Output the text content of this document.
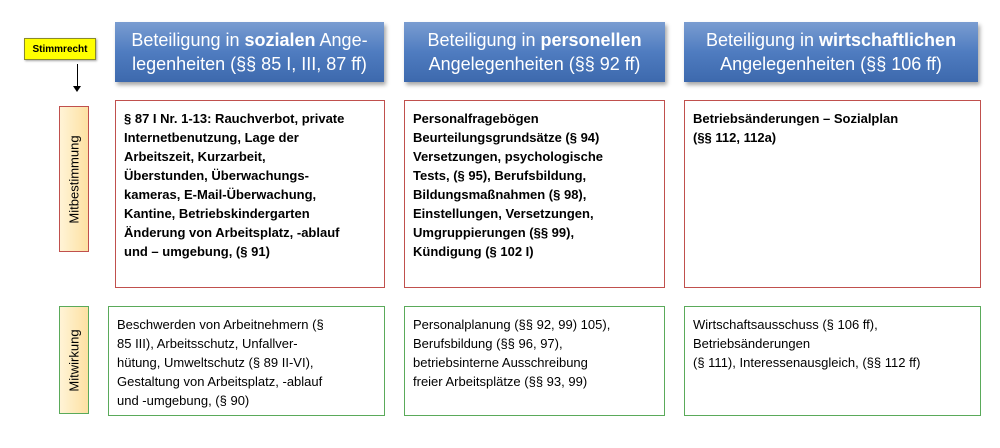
Stimmrecht Beteiligung in sozialen Ange-
legenheiten (§§ 85 I, III, 87 ff)
Beteiligung in personellen
Angelegenheiten (§§ 92 ff)
Beteiligung in wirtschaftlichen
Angelegenheiten (§§ 106 ff)
Mitbestimmung
Mitwirkung
§ 87 I Nr. 1-13: Rauchverbot, private
Internetbenutzung, Lage der
Arbeitszeit, Kurzarbeit,
Überstunden, Überwachungs-
kameras, E-Mail-Überwachung,
Kantine, Betriebskindergarten
Änderung von Arbeitsplatz, -ablauf
und – umgebung, (§ 91)
Personalfragebögen
Beurteilungsgrundsätze (§ 94)
Versetzungen, psychologische
Tests, (§ 95), Berufsbildung,
Bildungsmaßnahmen (§ 98),
Einstellungen, Versetzungen,
Umgruppierungen (§§ 99),
Kündigung (§ 102 I)
Betriebsänderungen – Sozialplan
(§§ 112, 112a)
Beschwerden von Arbeitnehmern (§
85 III), Arbeitsschutz, Unfallver-
hütung, Umweltschutz (§ 89 II-VI),
Gestaltung von Arbeitsplatz, -ablauf
und -umgebung, (§ 90)
Personalplanung (§§ 92, 99) 105),
Berufsbildung (§§ 96, 97),
betriebsinterne Ausschreibung
freier Arbeitsplätze (§§ 93, 99)
Wirtschaftsausschuss (§ 106 ff),
Betriebsänderungen
(§ 111), Interessenausgleich, (§§ 112 ff)
